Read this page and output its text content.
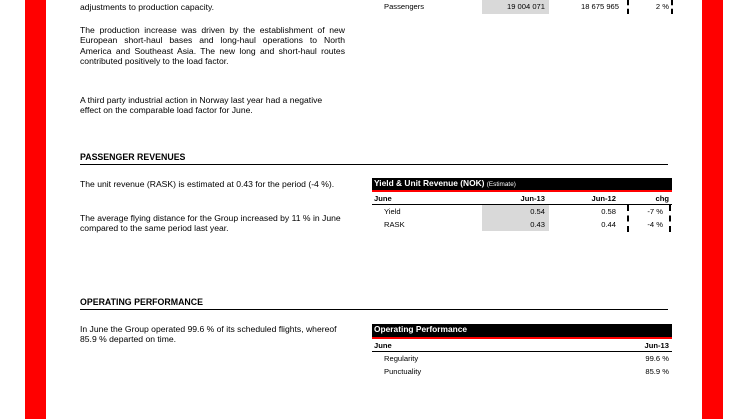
adjustments to production capacity.

The production increase was driven by the establishment of new European short-haul bases and long-haul operations to North America and Southeast Asia. The new long and short-haul routes contributed positively to the load factor.

A third party industrial action in Norway last year had a negative effect on the comparable load factor for June.

Passengers	19 004 071	18 675 965	2 %
PASSENGER REVENUES

The unit revenue (RASK) is estimated at 0.43 for the period (-4 %).

The average flying distance for the Group increased by 11 % in June compared to the same period last year.

Yield & Unit Revenue (NOK) (Estimate)
June	Jun-13	Jun-12	chg
Yield	0.54	0.58	-7 %
RASK	0.43	0.44	-4 %
OPERATING PERFORMANCE

In June the Group operated 99.6 % of its scheduled flights, whereof 85.9 % departed on time.

Operating Performance
June	Jun-13
Regularity	99.6 %
Punctuality	85.9 %
